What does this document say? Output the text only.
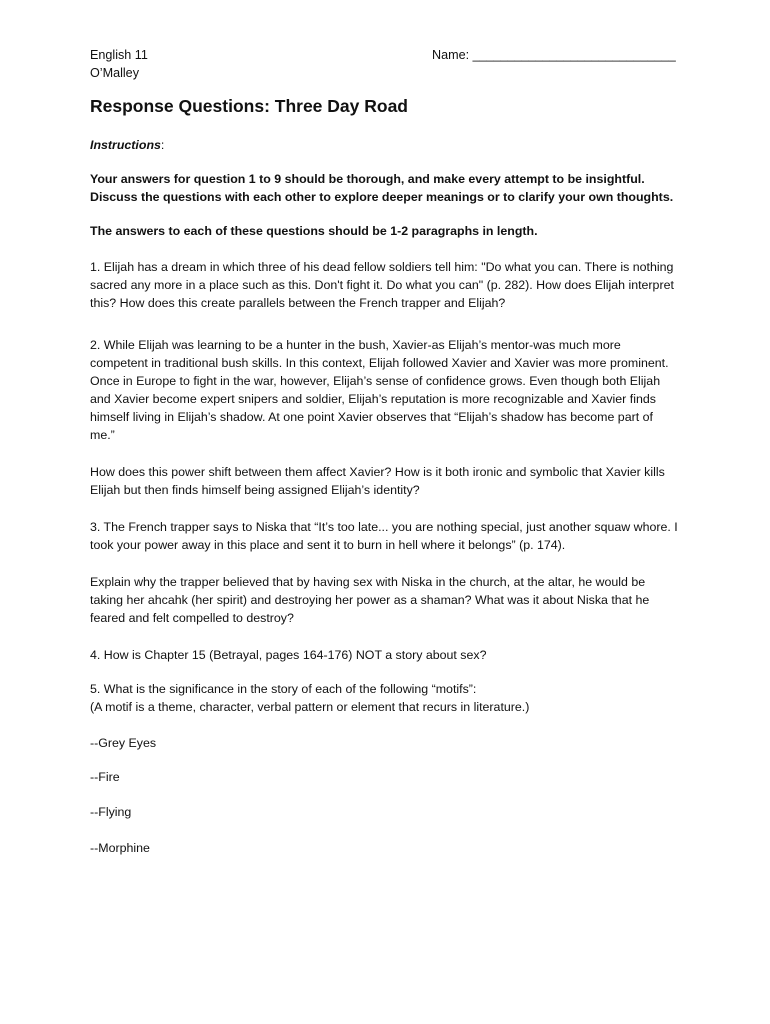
English 11
O’Malley
Name: _____________________________
Response Questions: Three Day Road
Instructions:
Your answers for question 1 to 9 should be thorough, and make every attempt to be insightful.
Discuss the questions with each other to explore deeper meanings or to clarify your own thoughts.
The answers to each of these questions should be 1-2 paragraphs in length.

1. Elijah has a dream in which three of his dead fellow soldiers tell him: "Do what you can. There is nothing sacred any more in a place such as this. Don't fight it. Do what you can" (p. 282). How does Elijah interpret this? How does this create parallels between the French trapper and Elijah?

2. While Elijah was learning to be a hunter in the bush, Xavier-as Elijah’s mentor-was much more competent in traditional bush skills. In this context, Elijah followed Xavier and Xavier was more prominent. Once in Europe to fight in the war, however, Elijah’s sense of confidence grows. Even though both Elijah and Xavier become expert snipers and soldier, Elijah’s reputation is more recognizable and Xavier finds himself living in Elijah’s shadow. At one point Xavier observes that “Elijah’s shadow has become part of me.”

How does this power shift between them affect Xavier? How is it both ironic and symbolic that Xavier kills Elijah but then finds himself being assigned Elijah’s identity?

3. The French trapper says to Niska that “It’s too late... you are nothing special, just another squaw whore. I took your power away in this place and sent it to burn in hell where it belongs” (p. 174).

Explain why the trapper believed that by having sex with Niska in the church, at the altar, he would be taking her ahcahk (her spirit) and destroying her power as a shaman? What was it about Niska that he feared and felt compelled to destroy?

4. How is Chapter 15 (Betrayal, pages 164-176) NOT a story about sex?

5. What is the significance in the story of each of the following “motifs”:
(A motif is a theme, character, verbal pattern or element that recurs in literature.)
--Grey Eyes
--Fire
--Flying
--Morphine
